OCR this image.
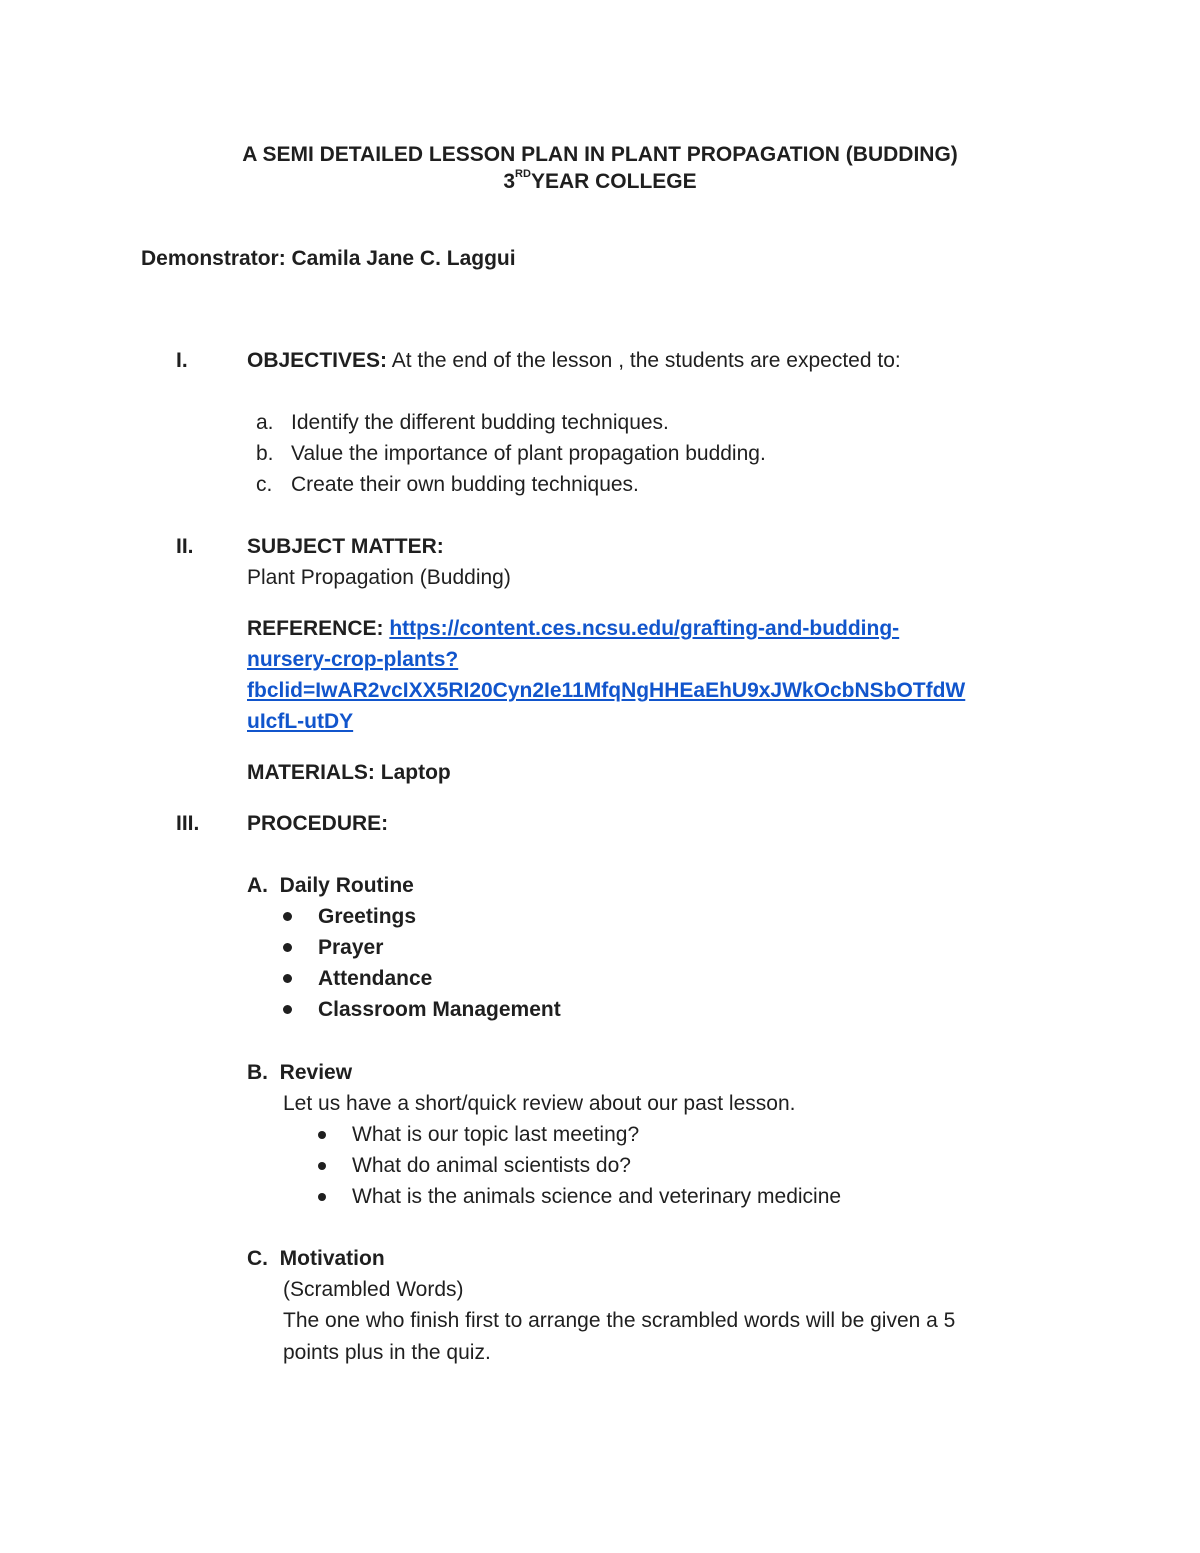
A SEMI DETAILED LESSON PLAN IN PLANT PROPAGATION (BUDDING)
3RDYEAR COLLEGE
Demonstrator: Camila Jane C. Laggui
I.	OBJECTIVES: At the end of the lesson , the students are expected to:
a. Identify the different budding techniques.
b. Value the importance of plant propagation budding.
c. Create their own budding techniques.
II.	SUBJECT MATTER:
Plant Propagation (Budding)
REFERENCE: https://content.ces.ncsu.edu/grafting-and-budding-
nursery-crop-plants?
fbclid=IwAR2vcIXX5RI20Cyn2Ie11MfqNgHHEaEhU9xJWkOcbNSbOTfdW
uIcfL-utDY
MATERIALS: Laptop
III. PROCEDURE:
A.  Daily Routine
Greetings
Prayer
Attendance
Classroom Management
B.  Review
Let us have a short/quick review about our past lesson.
What is our topic last meeting?
What do animal scientists do?
What is the animals science and veterinary medicine
C.  Motivation
(Scrambled Words)
The one who finish first to arrange the scrambled words will be given a 5
points plus in the quiz.
